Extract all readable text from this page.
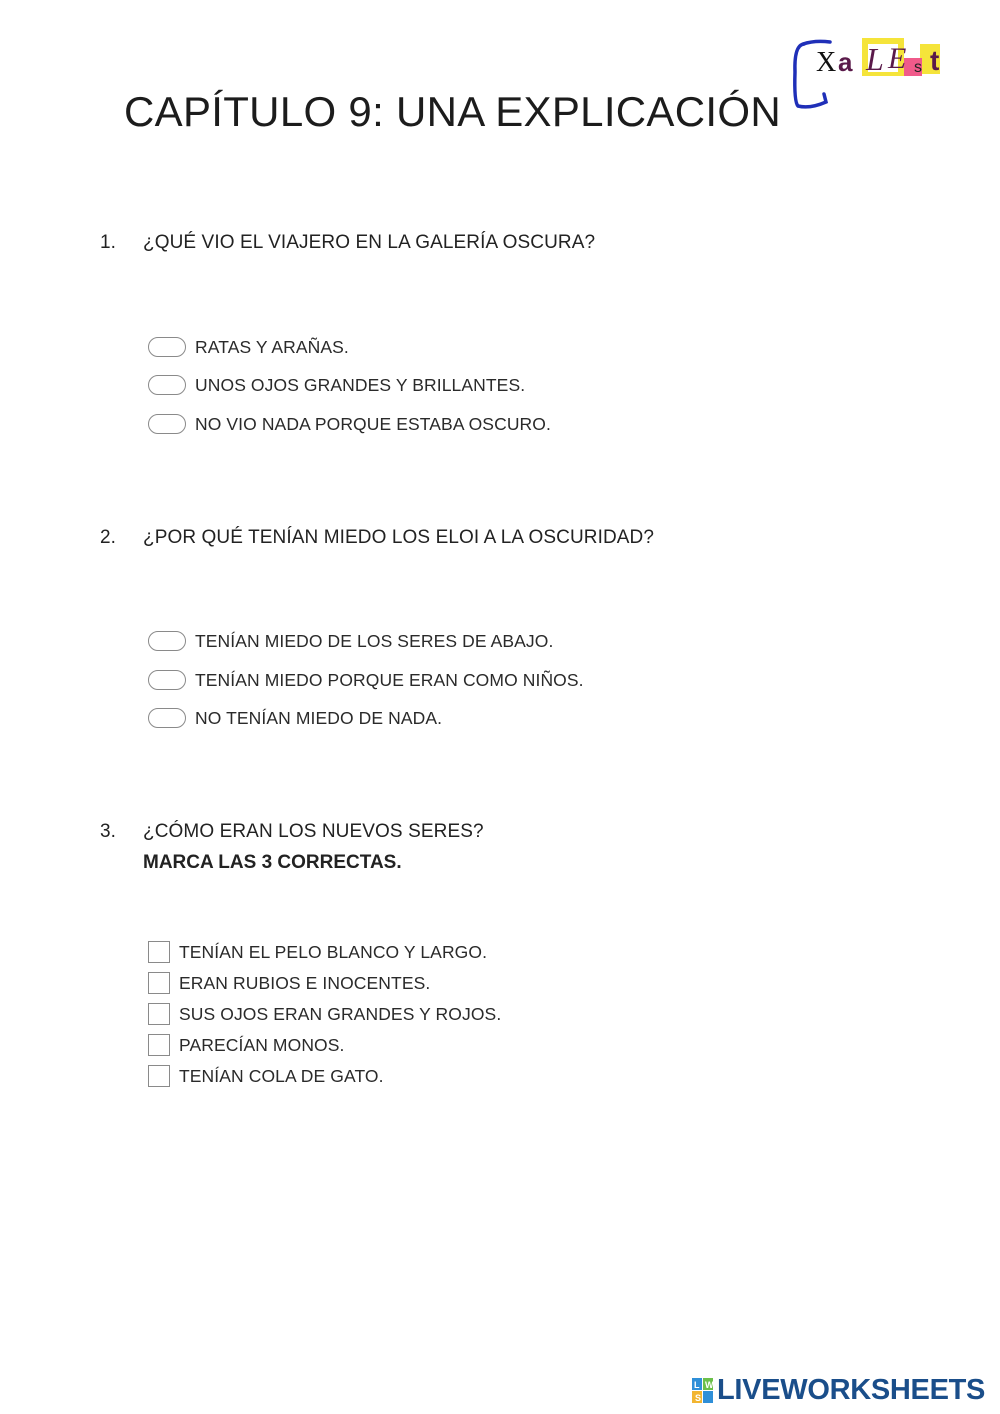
X a L E s t
CAPÍTULO 9: UNA EXPLICACIÓN
1. ¿QUÉ VIO EL VIAJERO EN LA GALERÍA OSCURA?
RATAS Y ARAÑAS.
UNOS OJOS GRANDES Y BRILLANTES.
NO VIO NADA PORQUE ESTABA OSCURO.
2. ¿POR QUÉ TENÍAN MIEDO LOS ELOI A LA OSCURIDAD?
TENÍAN MIEDO DE LOS SERES DE ABAJO.
TENÍAN MIEDO PORQUE ERAN COMO NIÑOS.
NO TENÍAN MIEDO DE NADA.
3. ¿CÓMO ERAN LOS NUEVOS SERES?
MARCA LAS 3 CORRECTAS.
TENÍAN EL PELO BLANCO Y LARGO.
ERAN RUBIOS E INOCENTES.
SUS OJOS ERAN GRANDES Y ROJOS.
PARECÍAN MONOS.
TENÍAN COLA DE GATO.
L W
S LIVEWORKSHEETS
